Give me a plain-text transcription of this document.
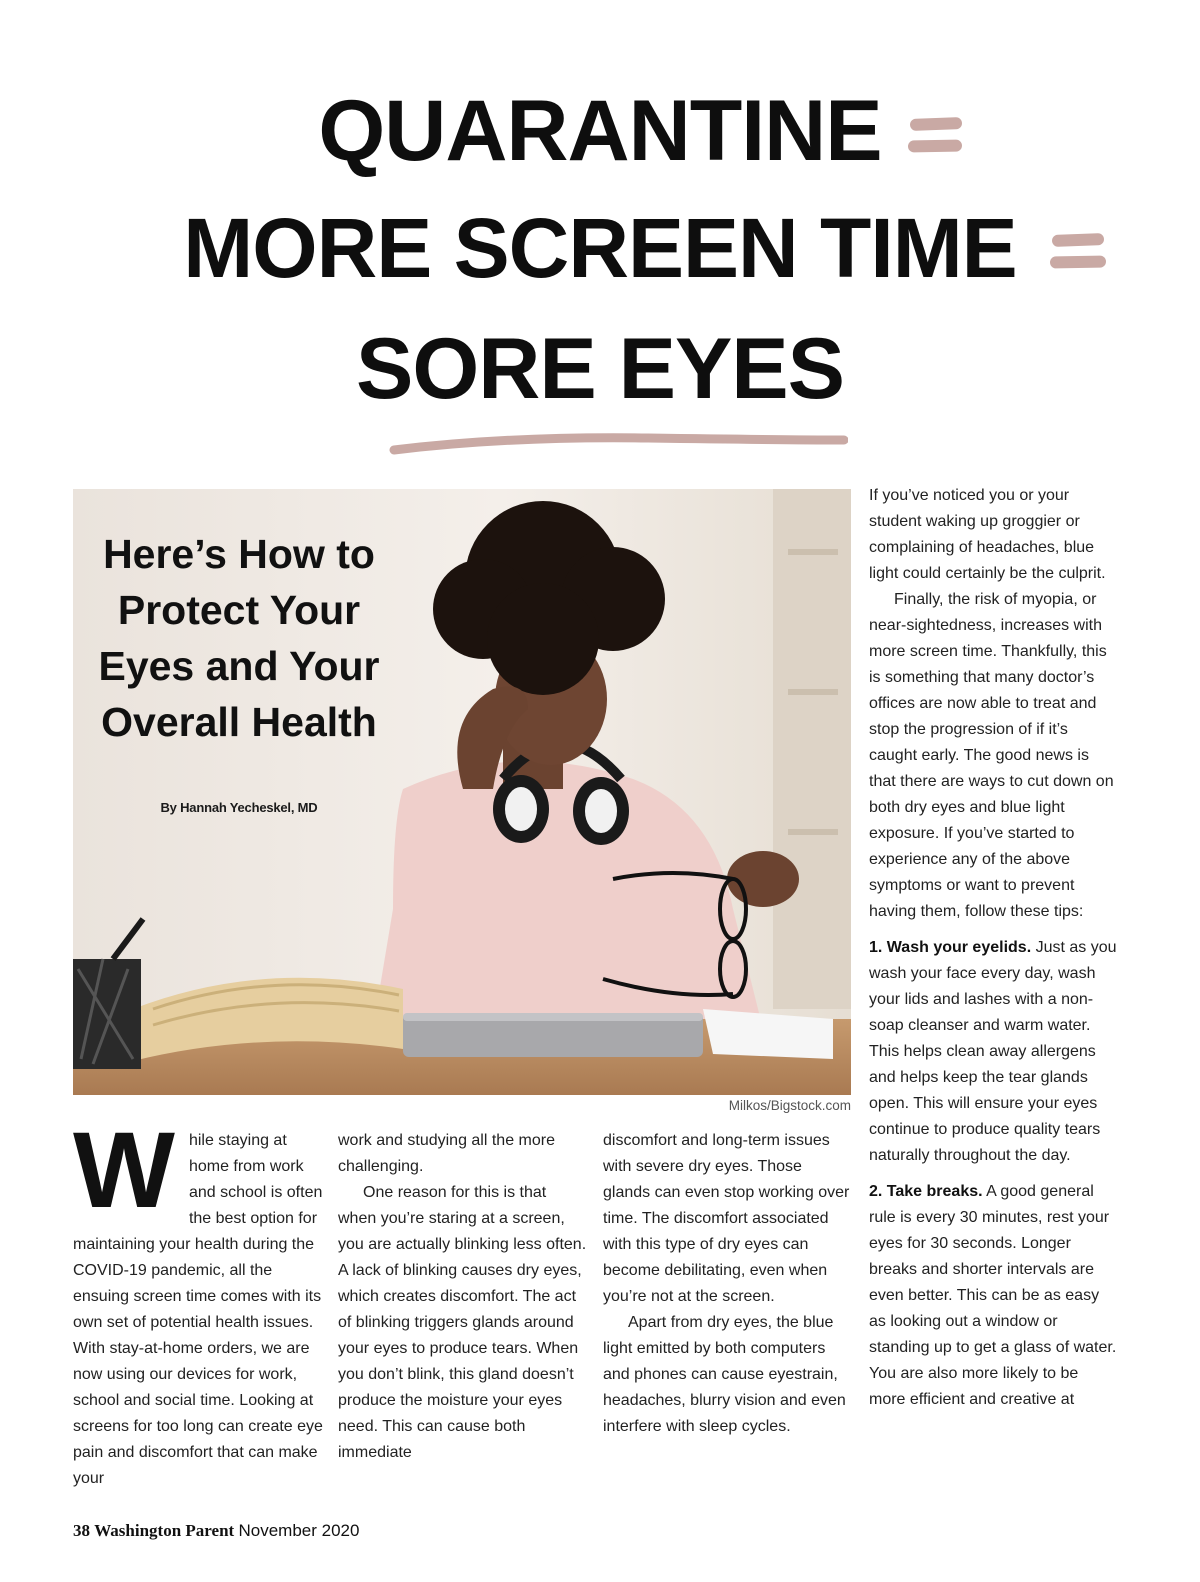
QUARANTINE
MORE SCREEN TIME
SORE EYES
Here’s How to Protect Your Eyes and Your Overall Health
By Hannah Yecheskel, MD
Milkos/Bigstock.com
W hile staying at home from work and school is often the best option for maintaining your health during the COVID-19 pandemic, all the ensuing screen time comes with its own set of potential health issues. With stay-at-home orders, we are now using our devices for work, school and social time. Looking at screens for too long can create eye pain and discomfort that can make your

work and studying all the more challenging.

One reason for this is that when you’re staring at a screen, you are actually blinking less often. A lack of blinking causes dry eyes, which creates discomfort. The act of blinking triggers glands around your eyes to produce tears. When you don’t blink, this gland doesn’t produce the moisture your eyes need. This can cause both immediate

discomfort and long-term issues with severe dry eyes. Those glands can even stop working over time. The discomfort associated with this type of dry eyes can become debilitating, even when you’re not at the screen.

Apart from dry eyes, the blue light emitted by both computers and phones can cause eyestrain, headaches, blurry vision and even interfere with sleep cycles.

If you’ve noticed you or your student waking up groggier or complaining of headaches, blue light could certainly be the culprit.

Finally, the risk of myopia, or near-sightedness, increases with more screen time. Thankfully, this is something that many doctor’s offices are now able to treat and stop the progression of if it’s caught early. The good news is that there are ways to cut down on both dry eyes and blue light exposure. If you’ve started to experience any of the above symptoms or want to prevent having them, follow these tips:

1. Wash your eyelids. Just as you wash your face every day, wash your lids and lashes with a non-soap cleanser and warm water. This helps clean away allergens and helps keep the tear glands open. This will ensure your eyes continue to produce quality tears naturally throughout the day.

2. Take breaks. A good general rule is every 30 minutes, rest your eyes for 30 seconds. Longer breaks and shorter intervals are even better. This can be as easy as looking out a window or standing up to get a glass of water. You are also more likely to be more efficient and creative at

38 Washington Parent November 2020
